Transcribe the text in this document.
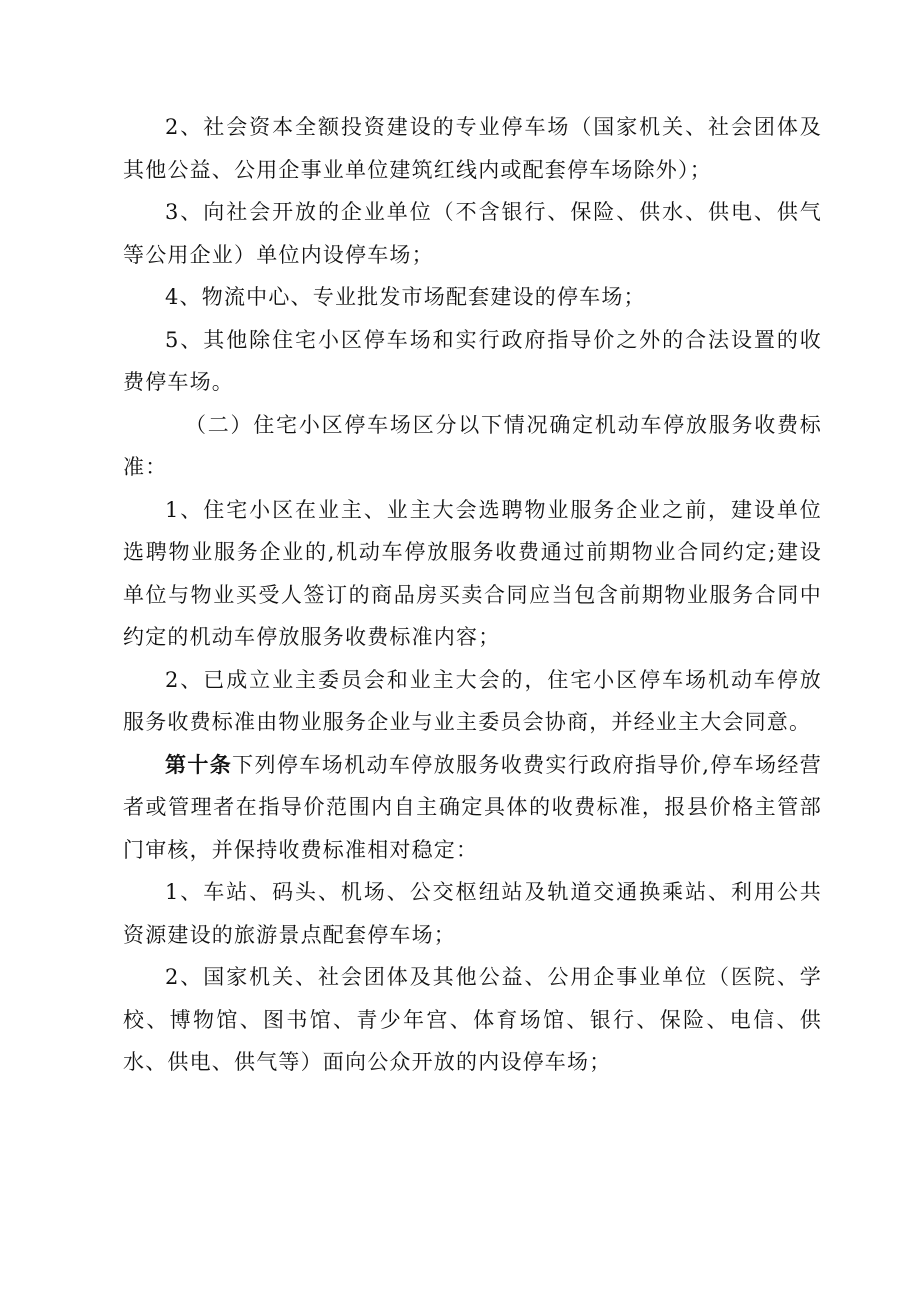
2、社会资本全额投资建设的专业停车场（国家机关、社会团体及其他公益、公用企事业单位建筑红线内或配套停车场除外）；

3、向社会开放的企业单位（不含银行、保险、供水、供电、供气等公用企业）单位内设停车场；

4、物流中心、专业批发市场配套建设的停车场；

5、其他除住宅小区停车场和实行政府指导价之外的合法设置的收费停车场。

（二）住宅小区停车场区分以下情况确定机动车停放服务收费标准：

1、住宅小区在业主、业主大会选聘物业服务企业之前，建设单位选聘物业服务企业的,机动车停放服务收费通过前期物业合同约定;建设单位与物业买受人签订的商品房买卖合同应当包含前期物业服务合同中约定的机动车停放服务收费标准内容；

2、已成立业主委员会和业主大会的，住宅小区停车场机动车停放服务收费标准由物业服务企业与业主委员会协商，并经业主大会同意。

第十条下列停车场机动车停放服务收费实行政府指导价,停车场经营者或管理者在指导价范围内自主确定具体的收费标准，报县价格主管部门审核，并保持收费标准相对稳定：

1、车站、码头、机场、公交枢纽站及轨道交通换乘站、利用公共资源建设的旅游景点配套停车场；

2、国家机关、社会团体及其他公益、公用企事业单位（医院、学校、博物馆、图书馆、青少年宫、体育场馆、银行、保险、电信、供水、供电、供气等）面向公众开放的内设停车场；
